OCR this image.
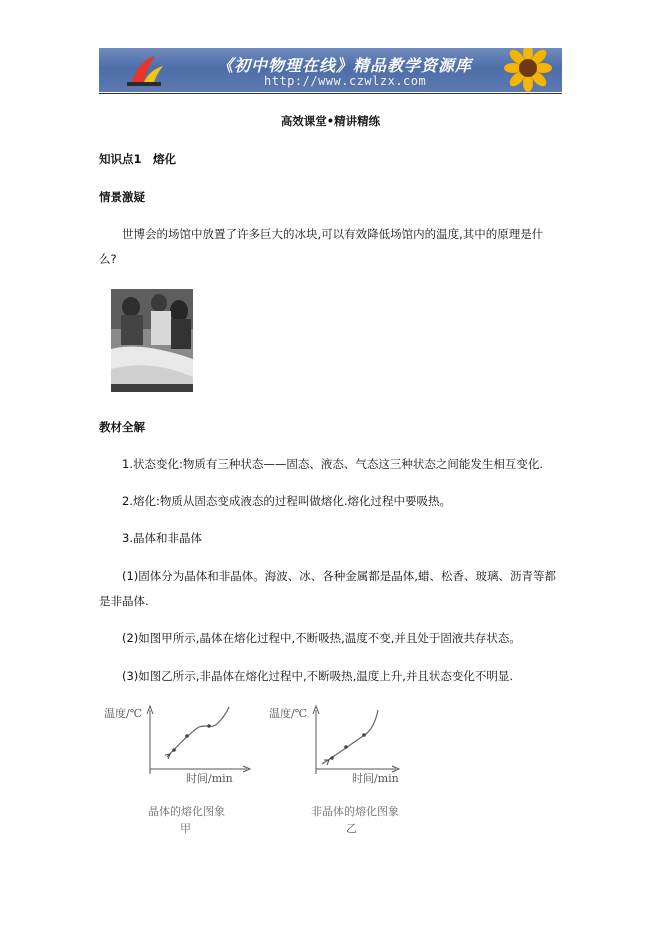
《初中物理在线》精品教学资源库
http://www.czwlzx.com
高效课堂•精讲精练
知识点1　熔化
情景激疑
世博会的场馆中放置了许多巨大的冰块,可以有效降低场馆内的温度,其中的原理是什
么?
教材全解
1.状态变化:物质有三种状态——固态、液态、气态这三种状态之间能发生相互变化.
2.熔化:物质从固态变成液态的过程叫做熔化.熔化过程中要吸热。
3.晶体和非晶体
(1)固体分为晶体和非晶体。海波、冰、各种金属都是晶体,蜡、松香、玻璃、沥青等都
是非晶体.
(2)如图甲所示,晶体在熔化过程中,不断吸热,温度不变,并且处于固液共存状态。
(3)如图乙所示,非晶体在熔化过程中,不断吸热,温度上升,并且状态变化不明显.
温度/℃
时间/min
晶体的熔化图象
甲
温度/℃
时间/min
非晶体的熔化图象
乙
